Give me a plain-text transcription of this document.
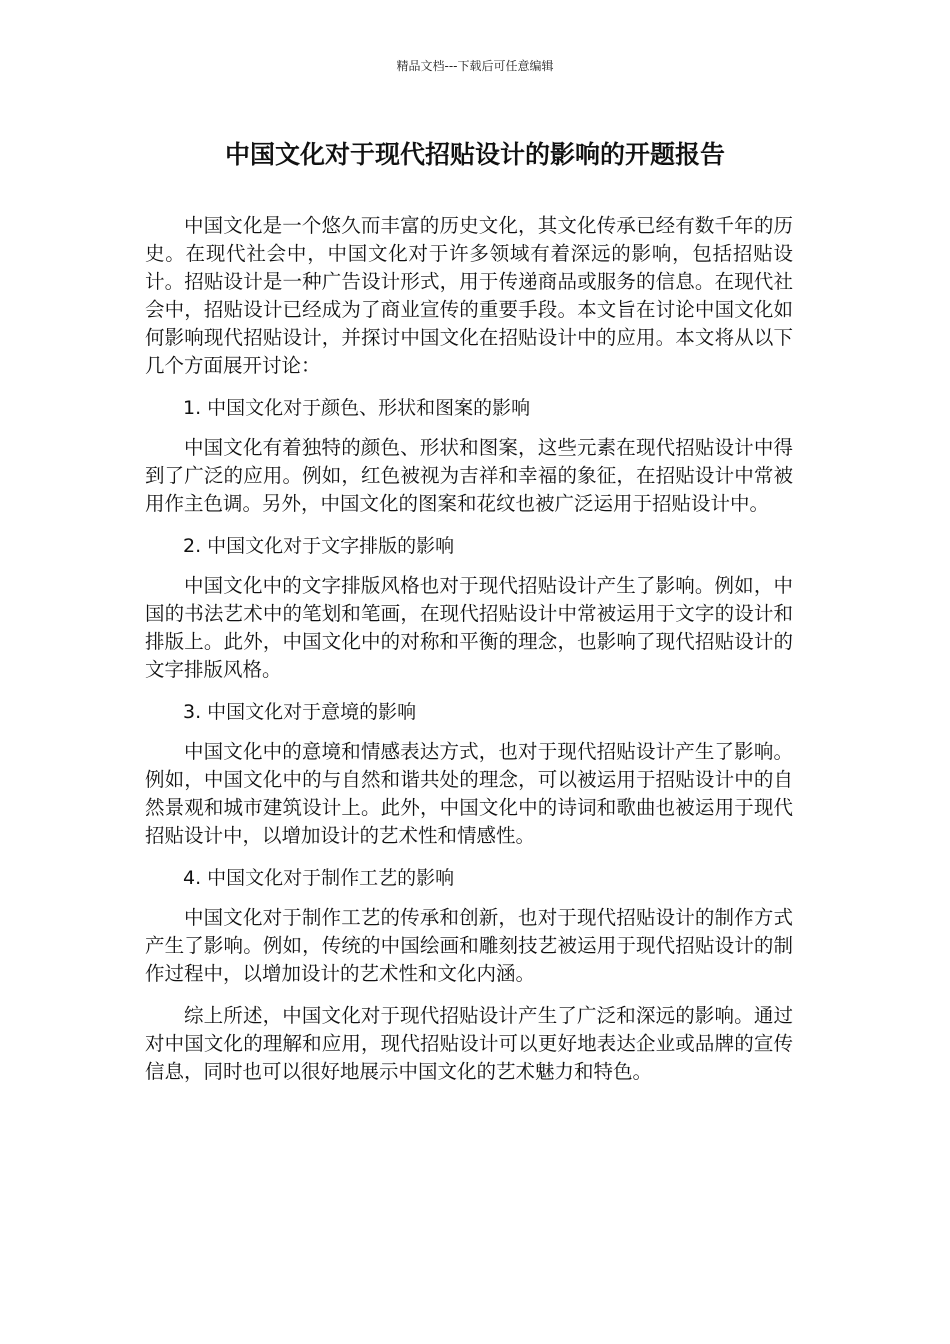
精品文档---下载后可任意编辑
中国文化对于现代招贴设计的影响的开题报告

中国文化是一个悠久而丰富的历史文化，其文化传承已经有数千年的历史。在现代社会中，中国文化对于许多领域有着深远的影响，包括招贴设计。招贴设计是一种广告设计形式，用于传递商品或服务的信息。在现代社会中，招贴设计已经成为了商业宣传的重要手段。本文旨在讨论中国文化如何影响现代招贴设计，并探讨中国文化在招贴设计中的应用。本文将从以下几个方面展开讨论：

1. 中国文化对于颜色、形状和图案的影响

中国文化有着独特的颜色、形状和图案，这些元素在现代招贴设计中得到了广泛的应用。例如，红色被视为吉祥和幸福的象征，在招贴设计中常被用作主色调。另外，中国文化的图案和花纹也被广泛运用于招贴设计中。

2. 中国文化对于文字排版的影响

中国文化中的文字排版风格也对于现代招贴设计产生了影响。例如，中国的书法艺术中的笔划和笔画，在现代招贴设计中常被运用于文字的设计和排版上。此外，中国文化中的对称和平衡的理念，也影响了现代招贴设计的文字排版风格。

3. 中国文化对于意境的影响

中国文化中的意境和情感表达方式，也对于现代招贴设计产生了影响。例如，中国文化中的与自然和谐共处的理念，可以被运用于招贴设计中的自然景观和城市建筑设计上。此外，中国文化中的诗词和歌曲也被运用于现代招贴设计中，以增加设计的艺术性和情感性。

4. 中国文化对于制作工艺的影响

中国文化对于制作工艺的传承和创新，也对于现代招贴设计的制作方式产生了影响。例如，传统的中国绘画和雕刻技艺被运用于现代招贴设计的制作过程中，以增加设计的艺术性和文化内涵。

综上所述，中国文化对于现代招贴设计产生了广泛和深远的影响。通过对中国文化的理解和应用，现代招贴设计可以更好地表达企业或品牌的宣传信息，同时也可以很好地展示中国文化的艺术魅力和特色。
